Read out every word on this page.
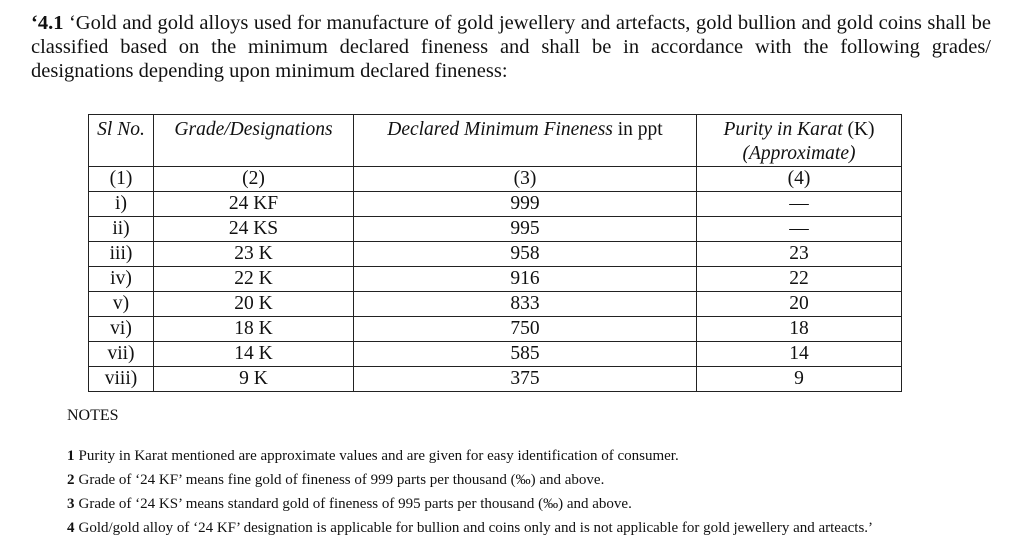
‘4.1 ‘Gold and gold alloys used for manufacture of gold jewellery and artefacts, gold bullion and gold coins shall be classified based on the minimum declared fineness and shall be in accordance with the following grades/ designations depending upon minimum declared fineness:

Sl No.	Grade/Designations	Declared Minimum Fineness in ppt	Purity in Karat (K)
(Approximate)
(1)	(2)	(3)	(4)
i)	24 KF	999	—
ii)	24 KS	995	—
iii)	23 K	958	23
iv)	22 K	916	22
v)	20 K	833	20
vi)	18 K	750	18
vii)	14 K	585	14
viii)	9 K	375	9

NOTES

1 Purity in Karat mentioned are approximate values and are given for easy identification of consumer.
2 Grade of ‘24 KF’ means fine gold of fineness of 999 parts per thousand (‰) and above.
3 Grade of ‘24 KS’ means standard gold of fineness of 995 parts per thousand (‰) and above.
4 Gold/gold alloy of ‘24 KF’ designation is applicable for bullion and coins only and is not applicable for gold jewellery and arteacts.’
